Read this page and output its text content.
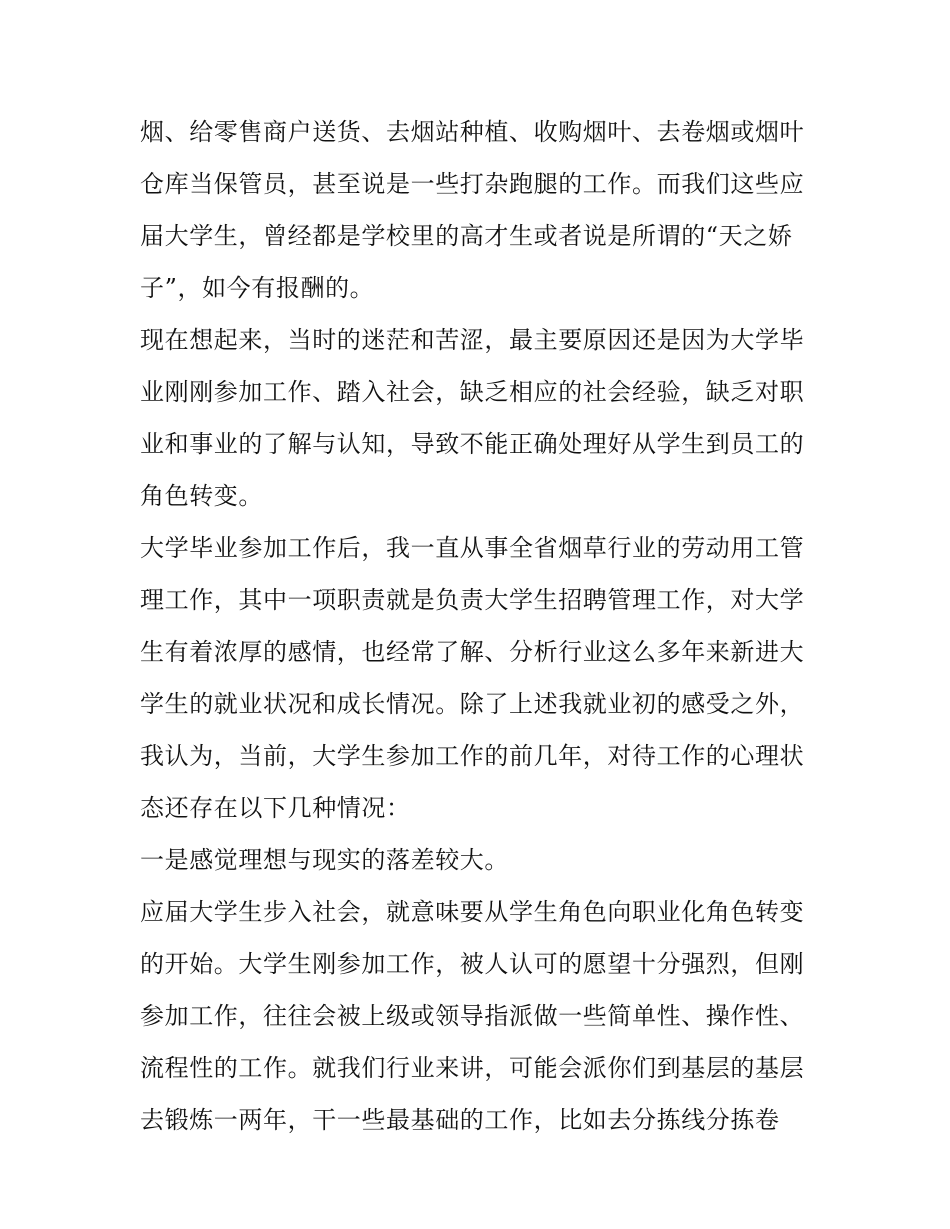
烟、给零售商户送货、去烟站种植、收购烟叶、去卷烟或烟叶
仓库当保管员，甚至说是一些打杂跑腿的工作。而我们这些应
届大学生，曾经都是学校里的高才生或者说是所谓的“天之娇
子”，如今有报酬的。
现在想起来，当时的迷茫和苦涩，最主要原因还是因为大学毕
业刚刚参加工作、踏入社会，缺乏相应的社会经验，缺乏对职
业和事业的了解与认知，导致不能正确处理好从学生到员工的
角色转变。
大学毕业参加工作后，我一直从事全省烟草行业的劳动用工管
理工作，其中一项职责就是负责大学生招聘管理工作，对大学
生有着浓厚的感情，也经常了解、分析行业这么多年来新进大
学生的就业状况和成长情况。除了上述我就业初的感受之外，
我认为，当前，大学生参加工作的前几年，对待工作的心理状
态还存在以下几种情况：
一是感觉理想与现实的落差较大。
应届大学生步入社会，就意味要从学生角色向职业化角色转变
的开始。大学生刚参加工作，被人认可的愿望十分强烈，但刚
参加工作，往往会被上级或领导指派做一些简单性、操作性、
流程性的工作。就我们行业来讲，可能会派你们到基层的基层
去锻炼一两年，干一些最基础的工作，比如去分拣线分拣卷
